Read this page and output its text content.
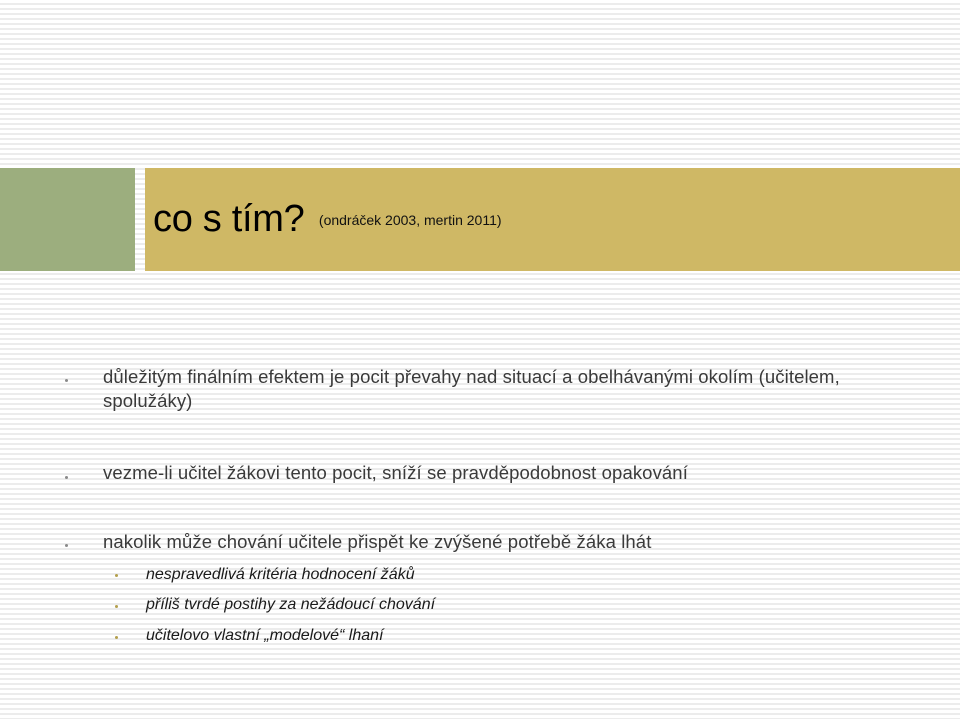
co s tím? (ondráček 2003, mertin 2011)
důležitým finálním efektem je pocit převahy nad situací a obelhávanými okolím (učitelem, spolužáky)
vezme-li učitel žákovi tento pocit, sníží se pravděpodobnost opakování
nakolik může chování učitele přispět ke zvýšené potřebě žáka lhát
nespravedlivá kritéria hodnocení žáků
příliš tvrdé postihy za nežádoucí chování
učitelovo vlastní „modelové“ lhaní
